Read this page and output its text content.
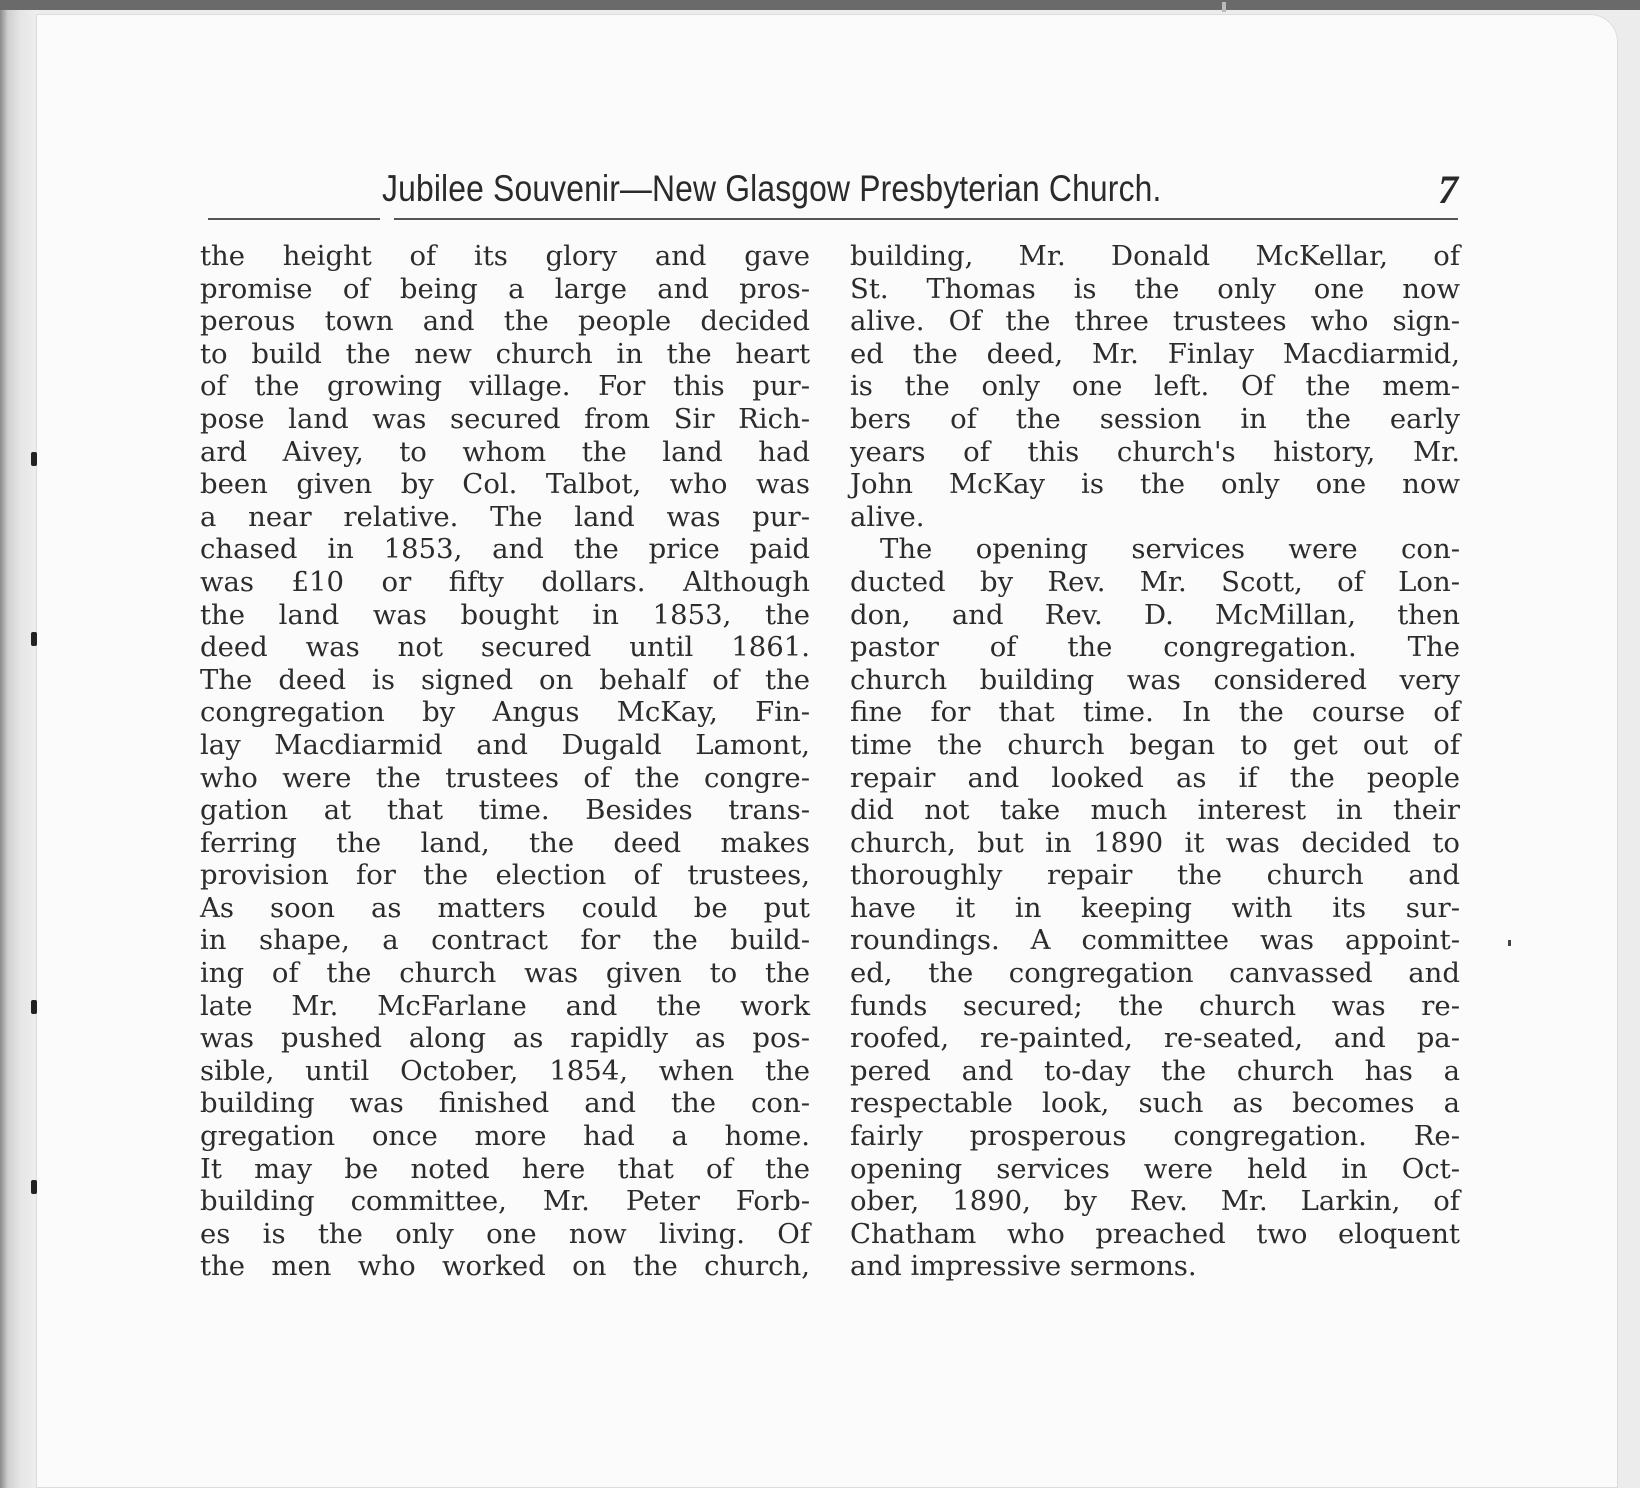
Jubilee Souvenir—New Glasgow Presbyterian Church.	7
the height of its glory and gave
promise of being a large and pros-
perous town and the people decided
to build the new church in the heart
of the growing village. For this pur-
pose land was secured from Sir Rich-
ard Aivey, to whom the land had
been given by Col. Talbot, who was
a near relative. The land was pur-
chased in 1853, and the price paid
was £10 or fifty dollars. Although
the land was bought in 1853, the
deed was not secured until 1861.
The deed is signed on behalf of the
congregation by Angus McKay, Fin-
lay Macdiarmid and Dugald Lamont,
who were the trustees of the congre-
gation at that time. Besides trans-
ferring the land, the deed makes
provision for the election of trustees,
As soon as matters could be put
in shape, a contract for the build-
ing of the church was given to the
late Mr. McFarlane and the work
was pushed along as rapidly as pos-
sible, until October, 1854, when the
building was finished and the con-
gregation once more had a home.
It may be noted here that of the
building committee, Mr. Peter Forb-
es is the only one now living. Of
the men who worked on the church,
building, Mr. Donald McKellar, of
St. Thomas is the only one now
alive. Of the three trustees who sign-
ed the deed, Mr. Finlay Macdiarmid,
is the only one left. Of the mem-
bers of the session in the early
years of this church's history, Mr.
John McKay is the only one now
alive.
The opening services were con-
ducted by Rev. Mr. Scott, of Lon-
don, and Rev. D. McMillan, then
pastor of the congregation. The
church building was considered very
fine for that time. In the course of
time the church began to get out of
repair and looked as if the people
did not take much interest in their
church, but in 1890 it was decided to
thoroughly repair the church and
have it in keeping with its sur-
roundings. A committee was appoint-
ed, the congregation canvassed and
funds secured; the church was re-
roofed, re-painted, re-seated, and pa-
pered and to-day the church has a
respectable look, such as becomes a
fairly prosperous congregation. Re-
opening services were held in Oct-
ober, 1890, by Rev. Mr. Larkin, of
Chatham who preached two eloquent
and impressive sermons.
